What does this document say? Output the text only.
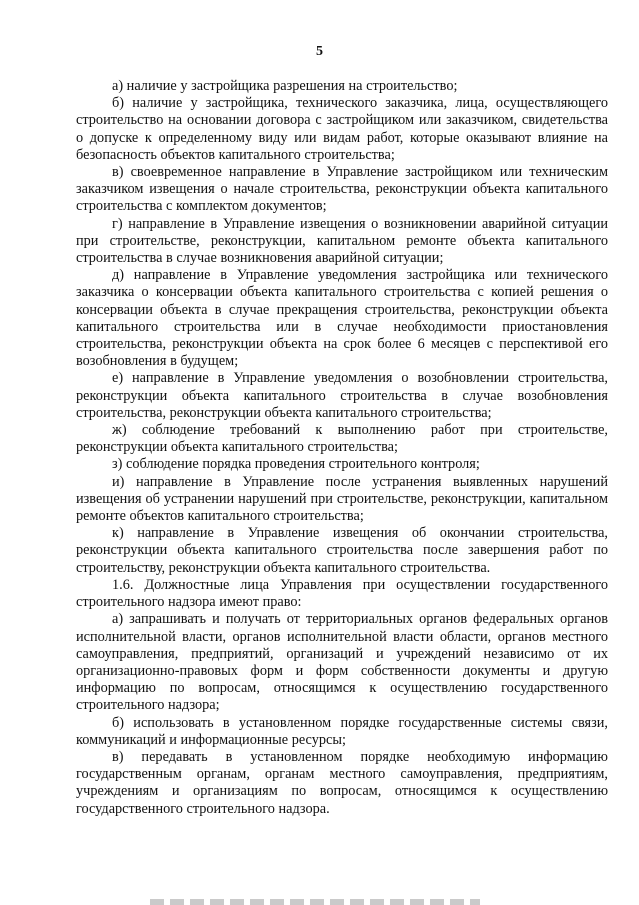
5

а) наличие у застройщика разрешения на строительство;

б) наличие у застройщика, технического заказчика, лица, осуществляющего строительство на основании договора с застройщиком или заказчиком, свидетельства о допуске к определенному виду или видам работ, которые оказывают влияние на безопасность объектов капитального строительства;

в) своевременное направление в Управление застройщиком или техническим заказчиком извещения о начале строительства, реконструкции объекта капитального строительства с комплектом документов;

г) направление в Управление извещения о возникновении аварийной ситуации при строительстве, реконструкции, капитальном ремонте объекта капитального строительства в случае возникновения аварийной ситуации;

д) направление в Управление уведомления застройщика или технического заказчика о консервации объекта капитального строительства с копией решения о консервации объекта в случае прекращения строительства, реконструкции объекта капитального строительства или в случае необходимости приостановления строительства, реконструкции объекта на срок более 6 месяцев с перспективой его возобновления в будущем;

е) направление в Управление уведомления о возобновлении строительства, реконструкции объекта капитального строительства в случае возобновления строительства, реконструкции объекта капитального строительства;

ж) соблюдение требований к выполнению работ при строительстве, реконструкции объекта капитального строительства;

з) соблюдение порядка проведения строительного контроля;

и) направление в Управление после устранения выявленных нарушений извещения об устранении нарушений при строительстве, реконструкции, капитальном ремонте объектов капитального строительства;

к) направление в Управление извещения об окончании строительства, реконструкции объекта капитального строительства после завершения работ по строительству, реконструкции объекта капитального строительства.

1.6. Должностные лица Управления при осуществлении государственного строительного надзора имеют право:

а) запрашивать и получать от территориальных органов федеральных органов исполнительной власти, органов исполнительной власти области, органов местного самоуправления, предприятий, организаций и учреждений независимо от их организационно-правовых форм и форм собственности документы и другую информацию по вопросам, относящимся к осуществлению государственного строительного надзора;

б) использовать в установленном порядке государственные системы связи, коммуникаций и информационные ресурсы;

в) передавать в установленном порядке необходимую информацию государственным органам, органам местного самоуправления, предприятиям, учреждениям и организациям по вопросам, относящимся к осуществлению государственного строительного надзора.
